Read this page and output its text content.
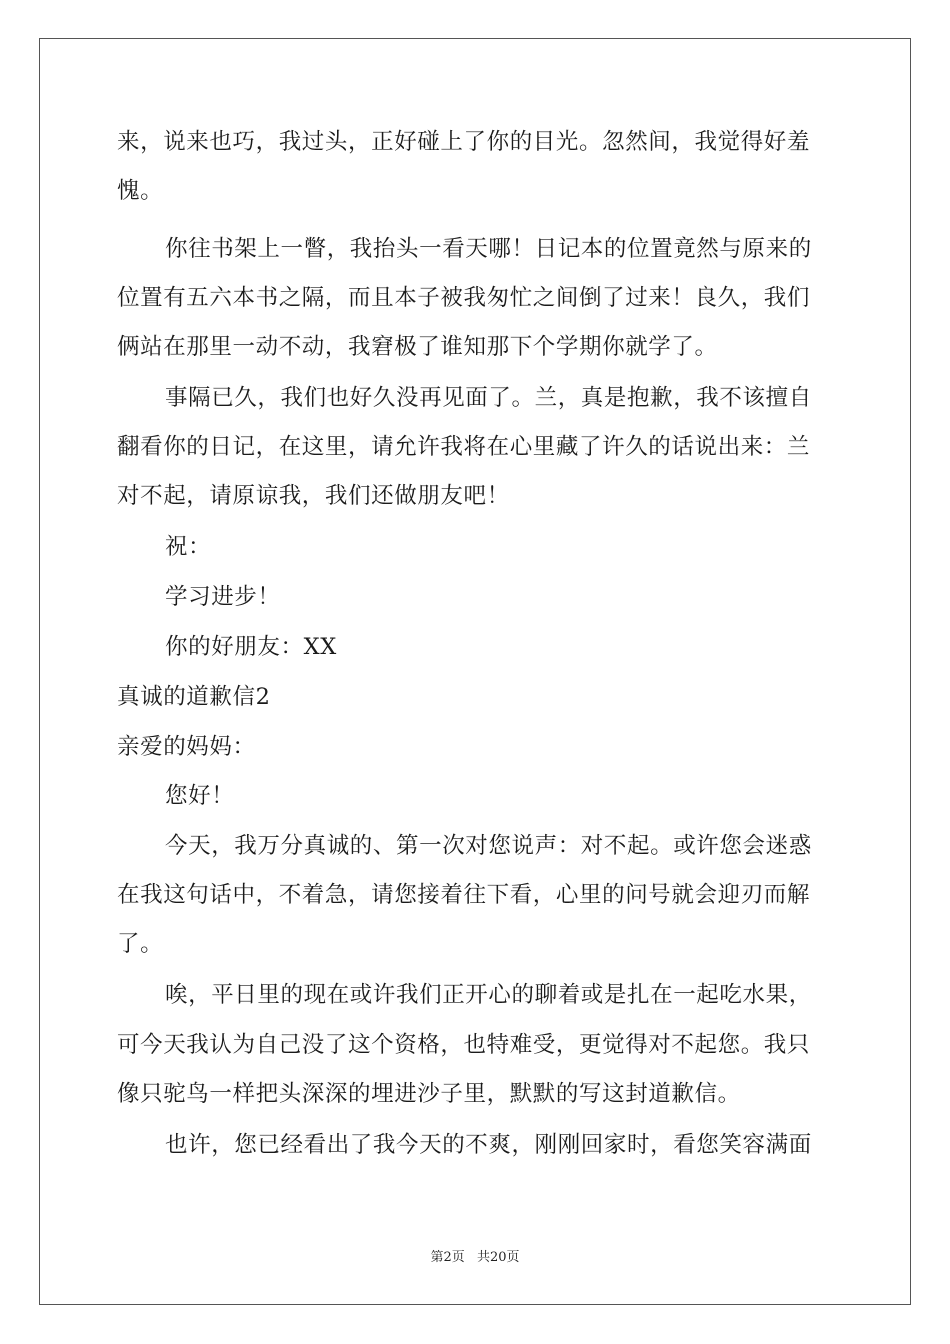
来，说来也巧，我过头，正好碰上了你的目光。忽然间，我觉得好羞
愧。
你往书架上一瞥，我抬头一看天哪！日记本的位置竟然与原来的
位置有五六本书之隔，而且本子被我匆忙之间倒了过来！良久，我们
俩站在那里一动不动，我窘极了谁知那下个学期你就学了。
事隔已久，我们也好久没再见面了。兰，真是抱歉，我不该擅自
翻看你的日记，在这里，请允许我将在心里藏了许久的话说出来：兰
对不起，请原谅我，我们还做朋友吧！
祝：
学习进步！
你的好朋友：XX
真诚的道歉信2
亲爱的妈妈：
您好！
今天，我万分真诚的、第一次对您说声：对不起。或许您会迷惑
在我这句话中，不着急，请您接着往下看，心里的问号就会迎刃而解
了。
唉，平日里的现在或许我们正开心的聊着或是扎在一起吃水果，
可今天我认为自己没了这个资格，也特难受，更觉得对不起您。我只
像只驼鸟一样把头深深的埋进沙子里，默默的写这封道歉信。
也许，您已经看出了我今天的不爽，刚刚回家时，看您笑容满面
第2页 共20页
